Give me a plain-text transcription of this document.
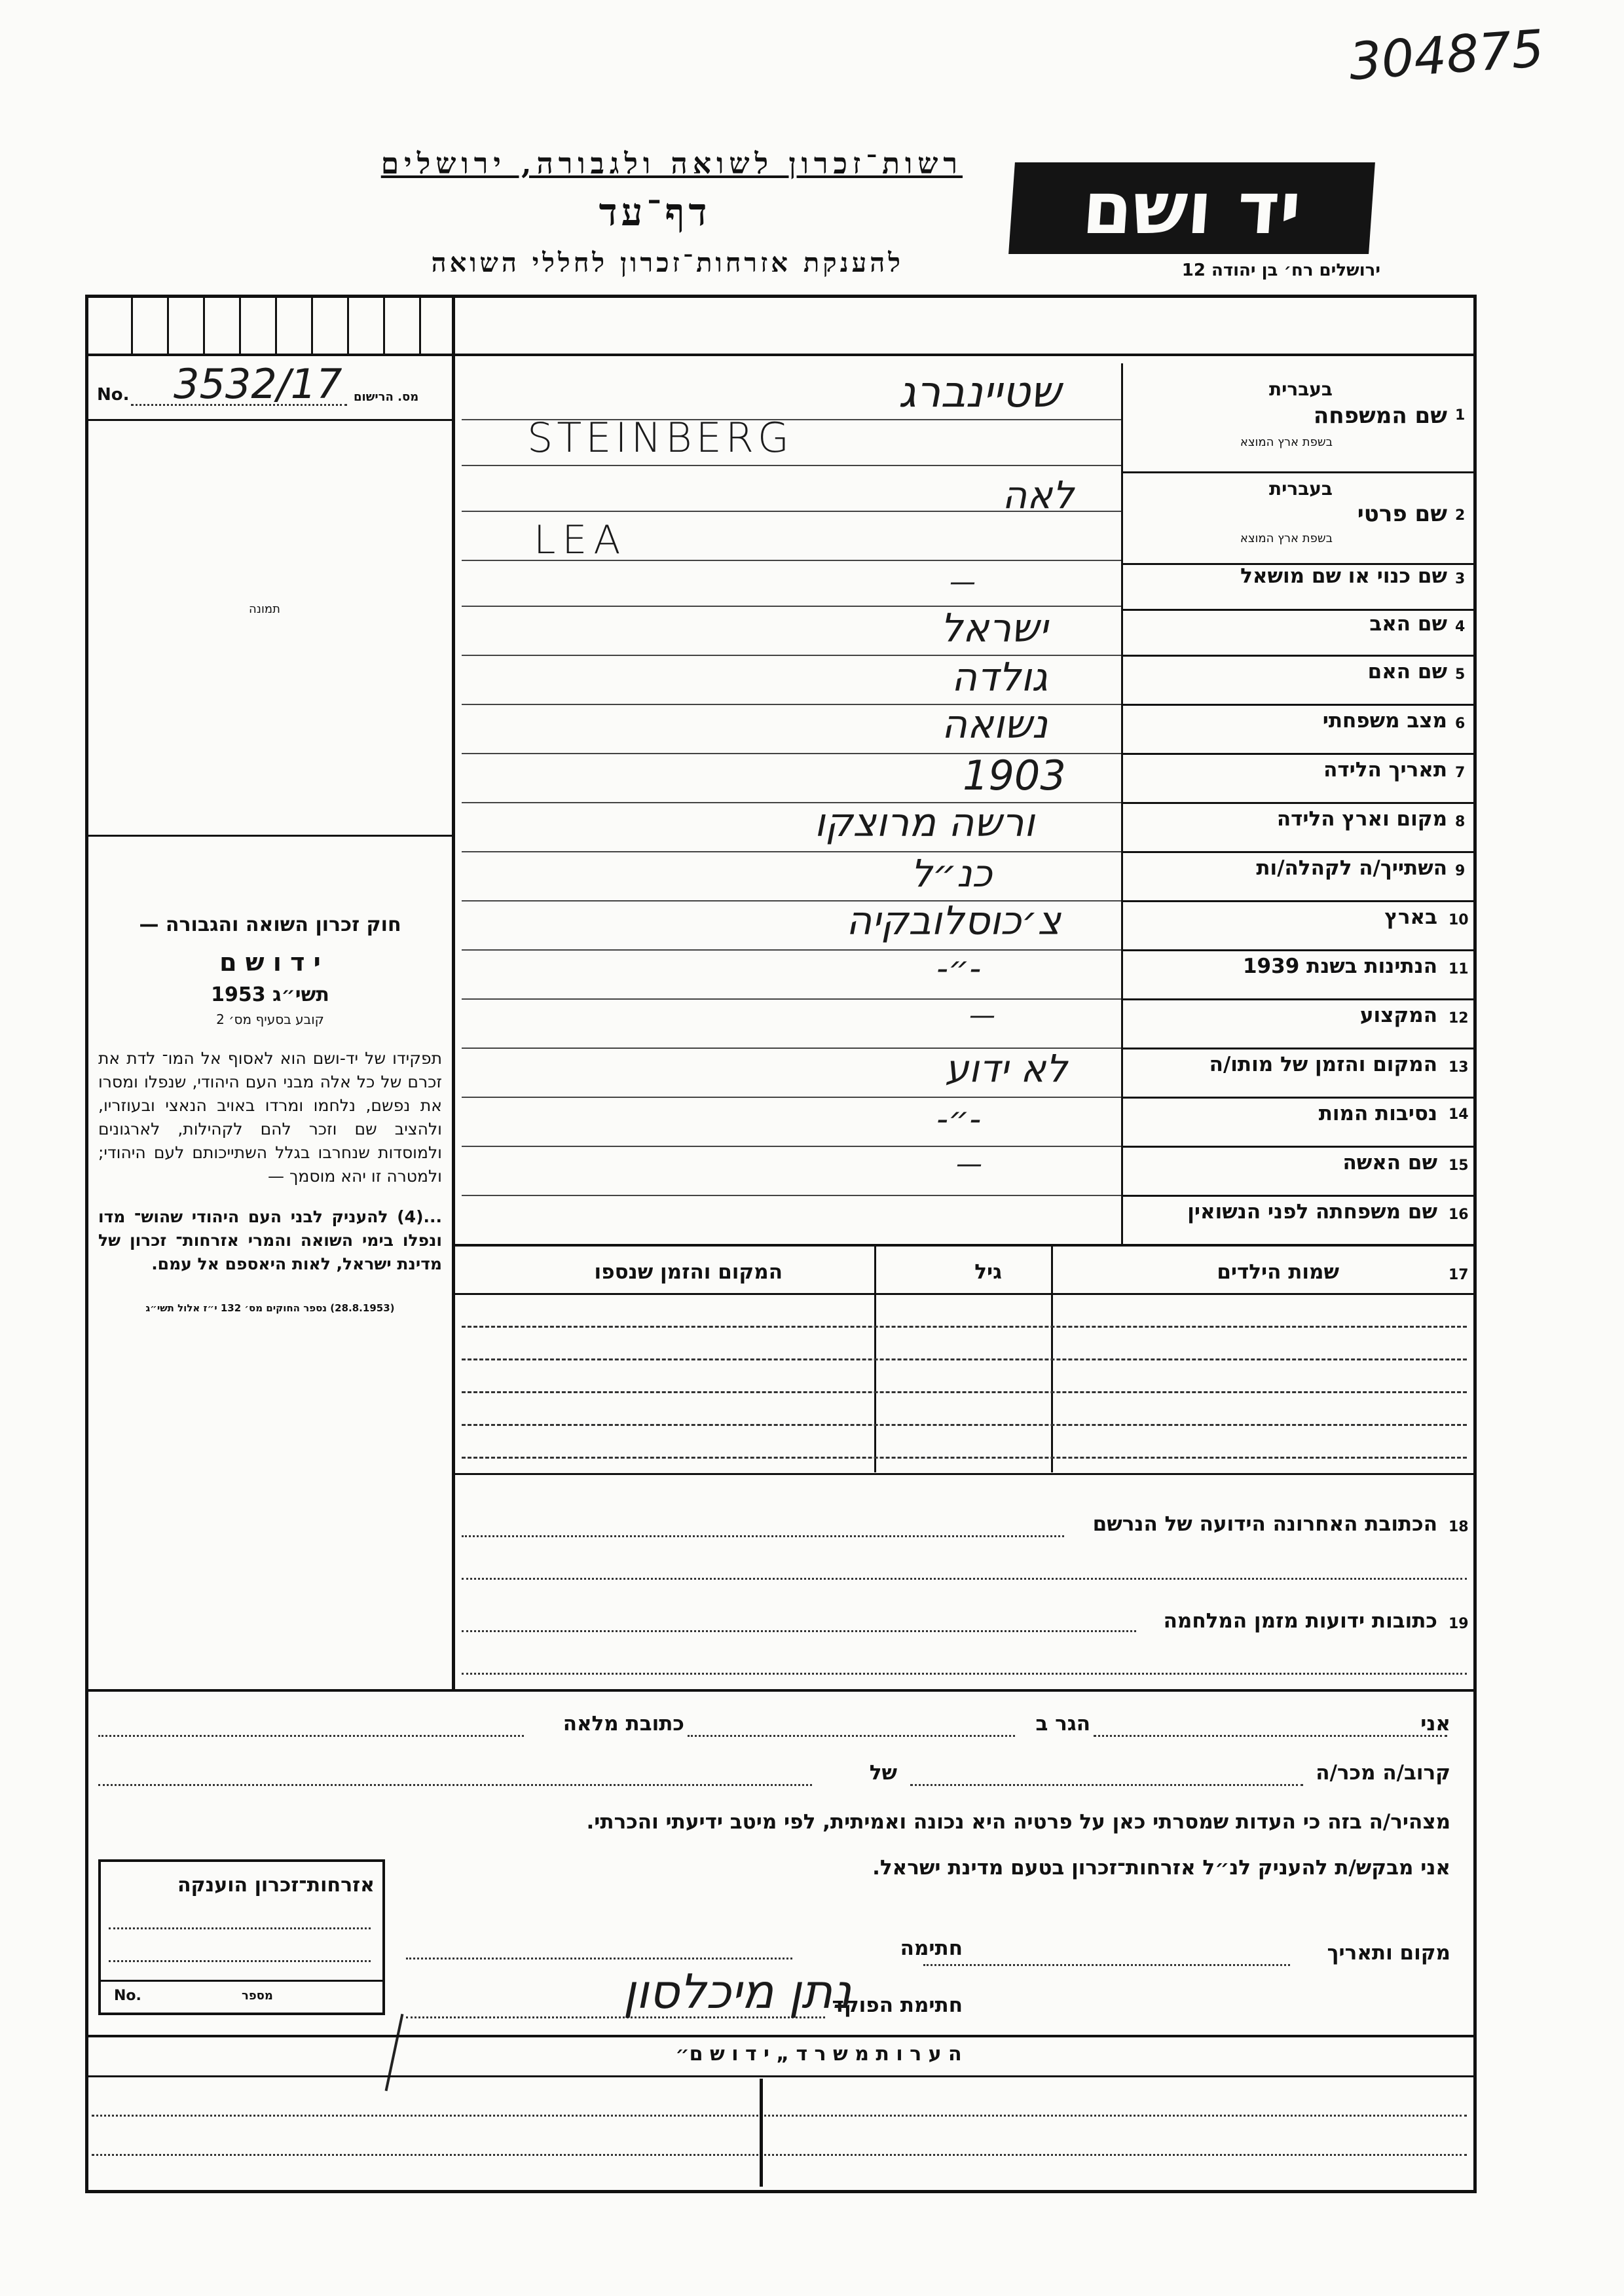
304875
רשות־זכרון לשואה ולגבורה, ירושלים
דף־עד
להענקת אזרחות־זכרון לחללי השואה
יד ושם
ירושלים רח׳ בן יהודה 12
No. 3532/17 מס. הרישום
תמונה
חוק זכרון השואה והגבורה —
י ד ו ש ם
תשי״ג 1953
קובע בסעיף מס׳ 2
תפקידו של יד-ושם הוא לאסוף אל המו־ לדת את זכרם של כל אלה מבני העם היהודי, שנפלו ומסרו את נפשם, נלחמו ומרדו באויב הנאצי ובעוזריו, ולהציב שם וזכר להם לקהילות, לארגונים ולמוסדות שנחרבו בגלל השתייכותם לעם היהודי; ולמטרה זו יהא מוסמך —
...(4) להעניק לבני העם היהודי שהוש־ מדו ונפלו בימי השואה והמרי אזרחות־ זכרון של מדינת ישראל, לאות היאספם אל עמם.
(28.8.1953) נספר החוקים מס׳ 132 י״ז אלול תשי״ג
1
שם המשפחה
בעברית
בשפת ארץ המוצא
שטיינברג
STEINBERG
2
שם פרטי
בעברית
בשפת ארץ המוצא
לאה
LEA
3
שם כנוי או שם מושאל
—
4
שם האב
ישראל
5
שם האם
גולדה
6
מצב משפחתי
נשואה
7
תאריך הלידה
1903
8
מקום וארץ הלידה
ורשה מרוצקו
9
השתייך/ה לקהלה/ות
כנ״ל
10
בארץ
צ׳כוסלובקיה
11
הנתינות בשנת 1939
-״-
12
המקצוע
—
13
המקום והזמן של מותו/ה
לא ידוע
14
נסיבות המות
-״-
15
שם האשה
—
16
שם משפחתה לפני הנשואין
17
שמות הילדים
גיל
המקום והזמן שנספו
18
הכתובת האחרונה הידועה של הנרשם
19
כתובות ידועות מזמן המלחמה
אני
הגר ב
כתובת מלאה
קרוב/ה מכר/ה
של
מצהיר/ה בזה כי העדות שמסרתי כאן על פרטיה היא נכונה ואמיתית, לפי מיטב ידיעתי והכרתי.
אני מבקש/ת להעניק לנ״ל אזרחות־זכרון בטעם מדינת ישראל.
מקום ותאריך
חתימה
חתימת הפוקד
נתן מיכלסון
אזרחות־זכרון הוענקה
No.	מספר
ה ע ר ו ת מ ש ר ד „ י ד ו ש ם״
